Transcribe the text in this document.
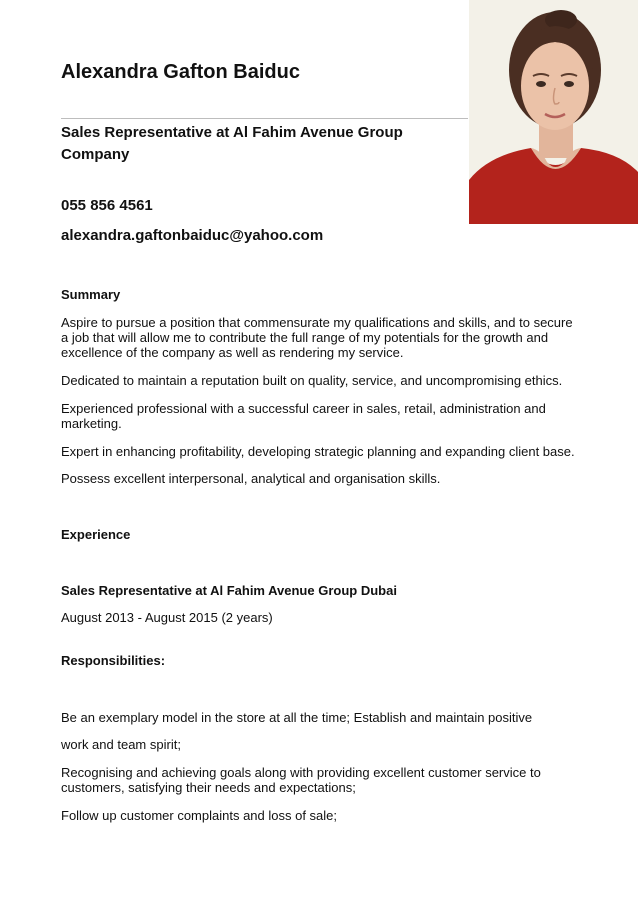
Alexandra Gafton Baiduc
Sales Representative at Al Fahim Avenue Group Company
055 856 4561
alexandra.gaftonbaiduc@yahoo.com
Summary
Aspire to pursue a position that commensurate my qualifications and skills, and to secure a job that will allow me to contribute the full range of my potentials for the growth and excellence of the company as well as rendering my service.
Dedicated to maintain a reputation built on quality, service, and uncompromising ethics.
Experienced professional with a successful career in sales, retail, administration and marketing.
Expert in enhancing profitability, developing strategic planning and expanding client base.
Possess excellent interpersonal, analytical and organisation skills.
Experience
Sales Representative at Al Fahim Avenue Group Dubai
August 2013 - August 2015 (2 years)
Responsibilities:
Be an exemplary model in the store at all the time; Establish and maintain positive
work and team spirit;
Recognising and achieving goals along with providing excellent customer service to customers, satisfying their needs and expectations;
Follow up customer complaints and loss of sale;
